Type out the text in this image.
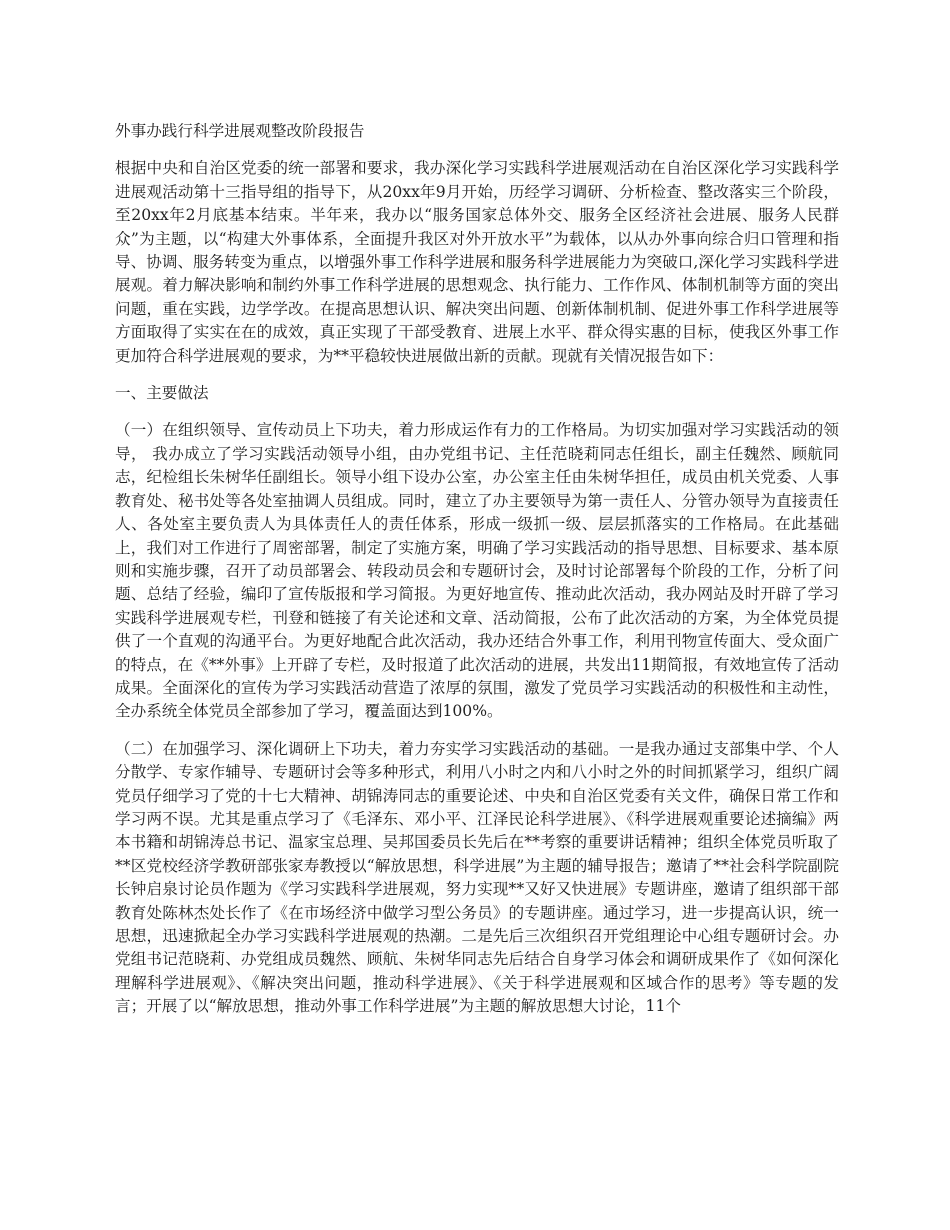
外事办践行科学进展观整改阶段报告
根据中央和自治区党委的统一部署和要求，我办深化学习实践科学进展观活动在自治区深化学习实践科学进展观活动第十三指导组的指导下，从20xx年9月开始，历经学习调研、分析检查、整改落实三个阶段，至20xx年2月底基本结束。半年来，我办以“服务国家总体外交、服务全区经济社会进展、服务人民群众”为主题，以“构建大外事体系，全面提升我区对外开放水平”为载体，以从办外事向综合归口管理和指导、协调、服务转变为重点，以增强外事工作科学进展和服务科学进展能力为突破口,深化学习实践科学进展观。着力解决影响和制约外事工作科学进展的思想观念、执行能力、工作作风、体制机制等方面的突出问题，重在实践，边学学改。在提高思想认识、解决突出问题、创新体制机制、促进外事工作科学进展等方面取得了实实在在的成效，真正实现了干部受教育、进展上水平、群众得实惠的目标，使我区外事工作更加符合科学进展观的要求，为**平稳较快进展做出新的贡献。现就有关情况报告如下：
一、主要做法
（一）在组织领导、宣传动员上下功夫，着力形成运作有力的工作格局。为切实加强对学习实践活动的领导， 我办成立了学习实践活动领导小组，由办党组书记、主任范晓莉同志任组长，副主任魏然、顾航同志，纪检组长朱树华任副组长。领导小组下设办公室，办公室主任由朱树华担任，成员由机关党委、人事教育处、秘书处等各处室抽调人员组成。同时，建立了办主要领导为第一责任人、分管办领导为直接责任人、各处室主要负责人为具体责任人的责任体系，形成一级抓一级、层层抓落实的工作格局。在此基础上，我们对工作进行了周密部署，制定了实施方案，明确了学习实践活动的指导思想、目标要求、基本原则和实施步骤，召开了动员部署会、转段动员会和专题研讨会，及时讨论部署每个阶段的工作，分析了问题、总结了经验，编印了宣传版报和学习简报。为更好地宣传、推动此次活动，我办网站及时开辟了学习实践科学进展观专栏，刊登和链接了有关论述和文章、活动简报，公布了此次活动的方案，为全体党员提供了一个直观的沟通平台。为更好地配合此次活动，我办还结合外事工作，利用刊物宣传面大、受众面广的特点，在《**外事》上开辟了专栏，及时报道了此次活动的进展，共发出11期简报，有效地宣传了活动成果。全面深化的宣传为学习实践活动营造了浓厚的氛围，激发了党员学习实践活动的积极性和主动性，全办系统全体党员全部参加了学习，覆盖面达到100%。
（二）在加强学习、深化调研上下功夫，着力夯实学习实践活动的基础。一是我办通过支部集中学、个人分散学、专家作辅导、专题研讨会等多种形式，利用八小时之内和八小时之外的时间抓紧学习，组织广阔党员仔细学习了党的十七大精神、胡锦涛同志的重要论述、中央和自治区党委有关文件，确保日常工作和学习两不误。尤其是重点学习了《毛泽东、邓小平、江泽民论科学进展》、《科学进展观重要论述摘编》两本书籍和胡锦涛总书记、温家宝总理、吴邦国委员长先后在**考察的重要讲话精神；组织全体党员听取了**区党校经济学教研部张家寿教授以“解放思想，科学进展”为主题的辅导报告；邀请了**社会科学院副院长钟启泉讨论员作题为《学习实践科学进展观，努力实现**又好又快进展》专题讲座，邀请了组织部干部教育处陈林杰处长作了《在市场经济中做学习型公务员》的专题讲座。通过学习，进一步提高认识，统一思想，迅速掀起全办学习实践科学进展观的热潮。二是先后三次组织召开党组理论中心组专题研讨会。办党组书记范晓莉、办党组成员魏然、顾航、朱树华同志先后结合自身学习体会和调研成果作了《如何深化理解科学进展观》、《解决突出问题，推动科学进展》、《关于科学进展观和区域合作的思考》等专题的发言；开展了以“解放思想，推动外事工作科学进展”为主题的解放思想大讨论，11个
